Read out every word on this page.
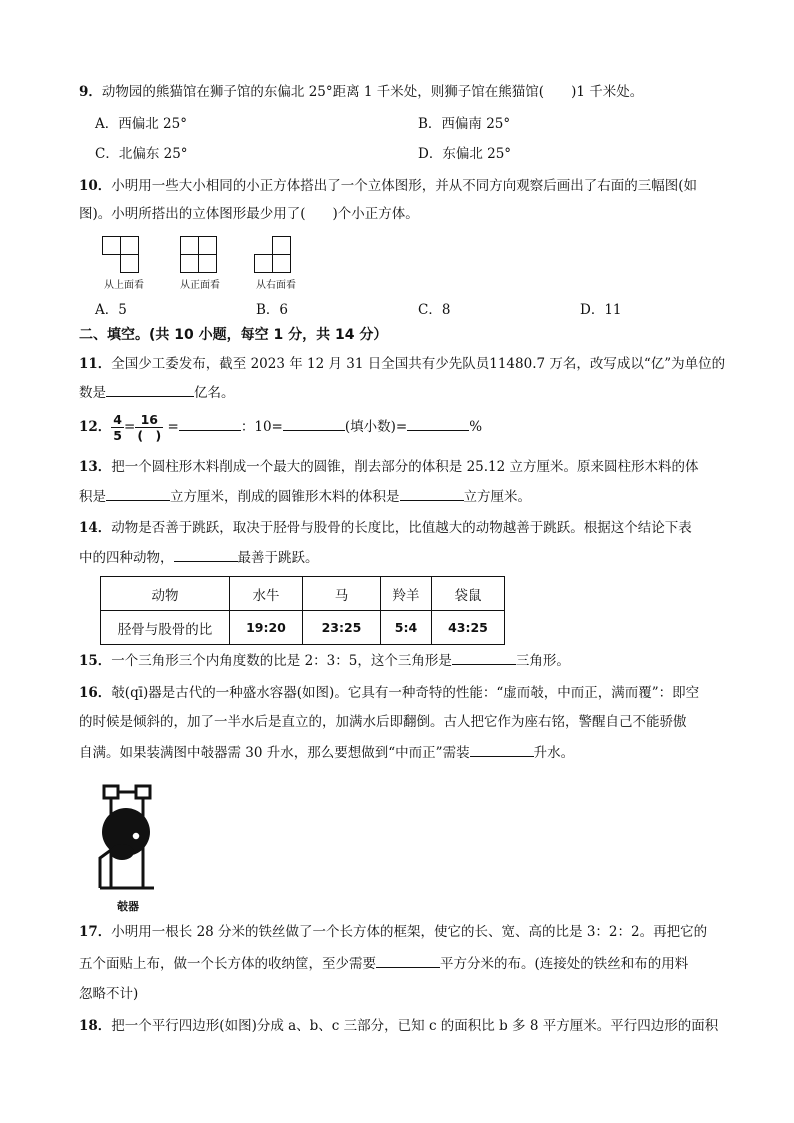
9．动物园的熊猫馆在狮子馆的东偏北 25°距离 1 千米处，则狮子馆在熊猫馆(　　)1 千米处。
A．西偏北 25°	B．西偏南 25°
C．北偏东 25°	D．东偏北 25°
10．小明用一些大小相同的小正方体搭出了一个立体图形，并从不同方向观察后画出了右面的三幅图(如
图)。小明所搭出的立体图形最少用了(　　)个小正方体。
从上面看	从正面看	从右面看
A．5	B．6	C．8	D．11
二、填空。(共 10 小题，每空 1 分，共 14 分）
11．全国少工委发布，截至 2023 年 12 月 31 日全国共有少先队员11480.7 万名，改写成以“亿”为单位的
数是	亿名。
12． $\frac{4}{5} = \frac{16}{( )}$ =	：10=	(填小数)=	%
13．把一个圆柱形木料削成一个最大的圆锥，削去部分的体积是 25.12 立方厘米。原来圆柱形木料的体
积是	立方厘米，削成的圆锥形木料的体积是	立方厘米。
14．动物是否善于跳跃，取决于胫骨与股骨的长度比，比值越大的动物越善于跳跃。根据这个结论下表
中的四种动物，	最善于跳跃。
动物	水牛	马	羚羊	袋鼠
胫骨与股骨的比	19:20	23:25	5:4	43:25
15．一个三角形三个内角度数的比是 2：3：5，这个三角形是	三角形。
16．攲(qī)器是古代的一种盛水容器(如图)。它具有一种奇特的性能：“虚而攲，中而正，满而覆”：即空
的时候是倾斜的，加了一半水后是直立的，加满水后即翻倒。古人把它作为座右铭，警醒自己不能骄傲
自满。如果装满图中攲器需 30 升水，那么要想做到“中而正”需装	升水。
攲器
17．小明用一根长 28 分米的铁丝做了一个长方体的框架，使它的长、宽、高的比是 3：2：2。再把它的
五个面贴上布，做一个长方体的收纳筐，至少需要	平方分米的布。(连接处的铁丝和布的用料
忽略不计)
18．把一个平行四边形(如图)分成 a、b、c 三部分，已知 c 的面积比 b 多 8 平方厘米。平行四边形的面积
